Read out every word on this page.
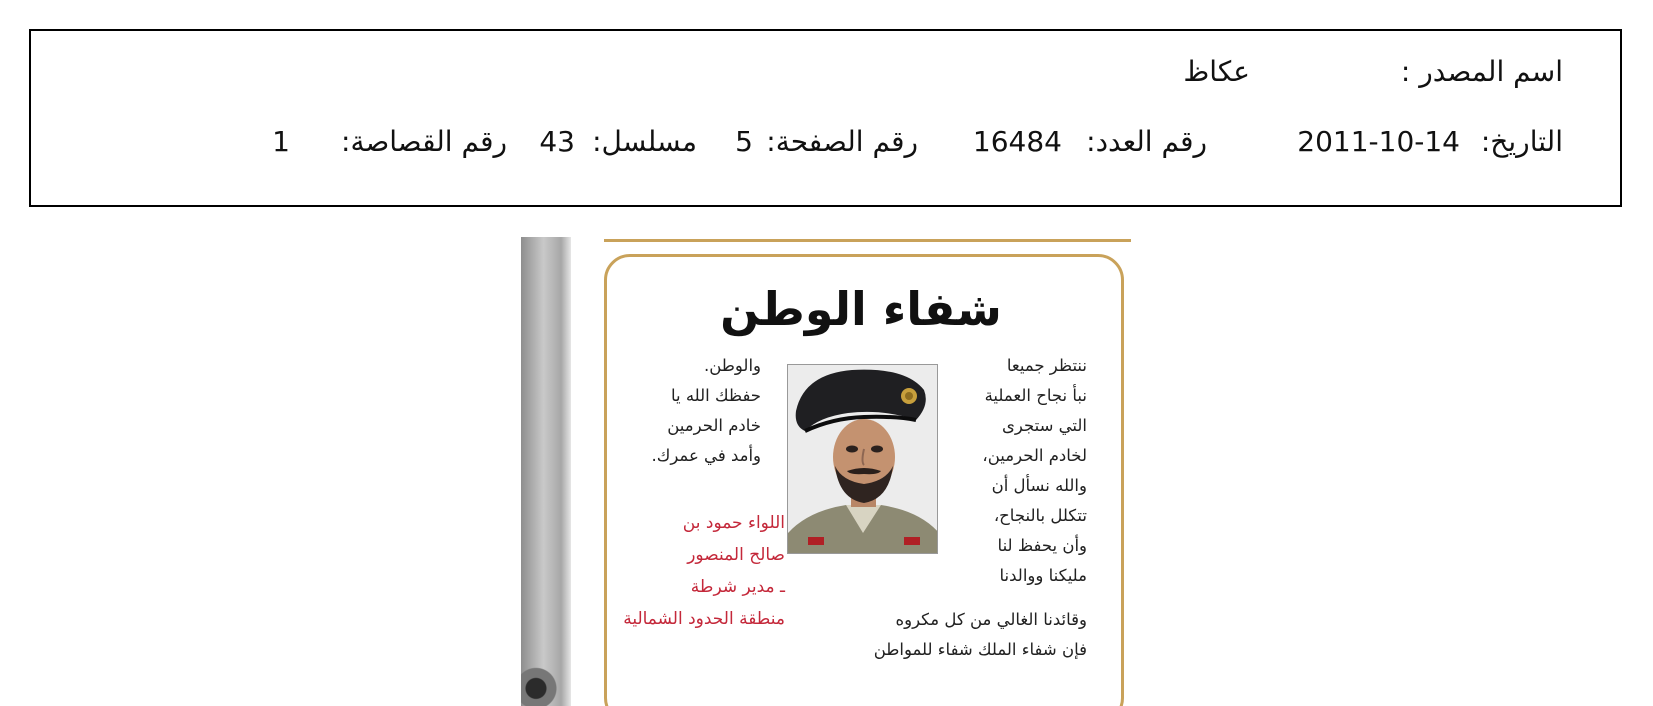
اسم المصدر :
عكاظ
التاريخ:
2011-10-14
رقم العدد:
16484
رقم الصفحة:
5
مسلسل:
43
رقم القصاصة:
1
شفاء الوطن
ننتظر جميعا
نبأ نجاح العملية
التي ستجرى
لخادم الحرمين،
والله نسأل أن
تتكلل بالنجاح،
وأن يحفظ لنا
مليكنا ووالدنا
وقائدنا الغالي من كل مكروه
فإن شفاء الملك شفاء للمواطن
والوطن.
حفظك الله يا
خادم الحرمين
وأمد في عمرك.
اللواء حمود بن
صالح المنصور
ـ مدير شرطة
منطقة الحدود الشمالية
